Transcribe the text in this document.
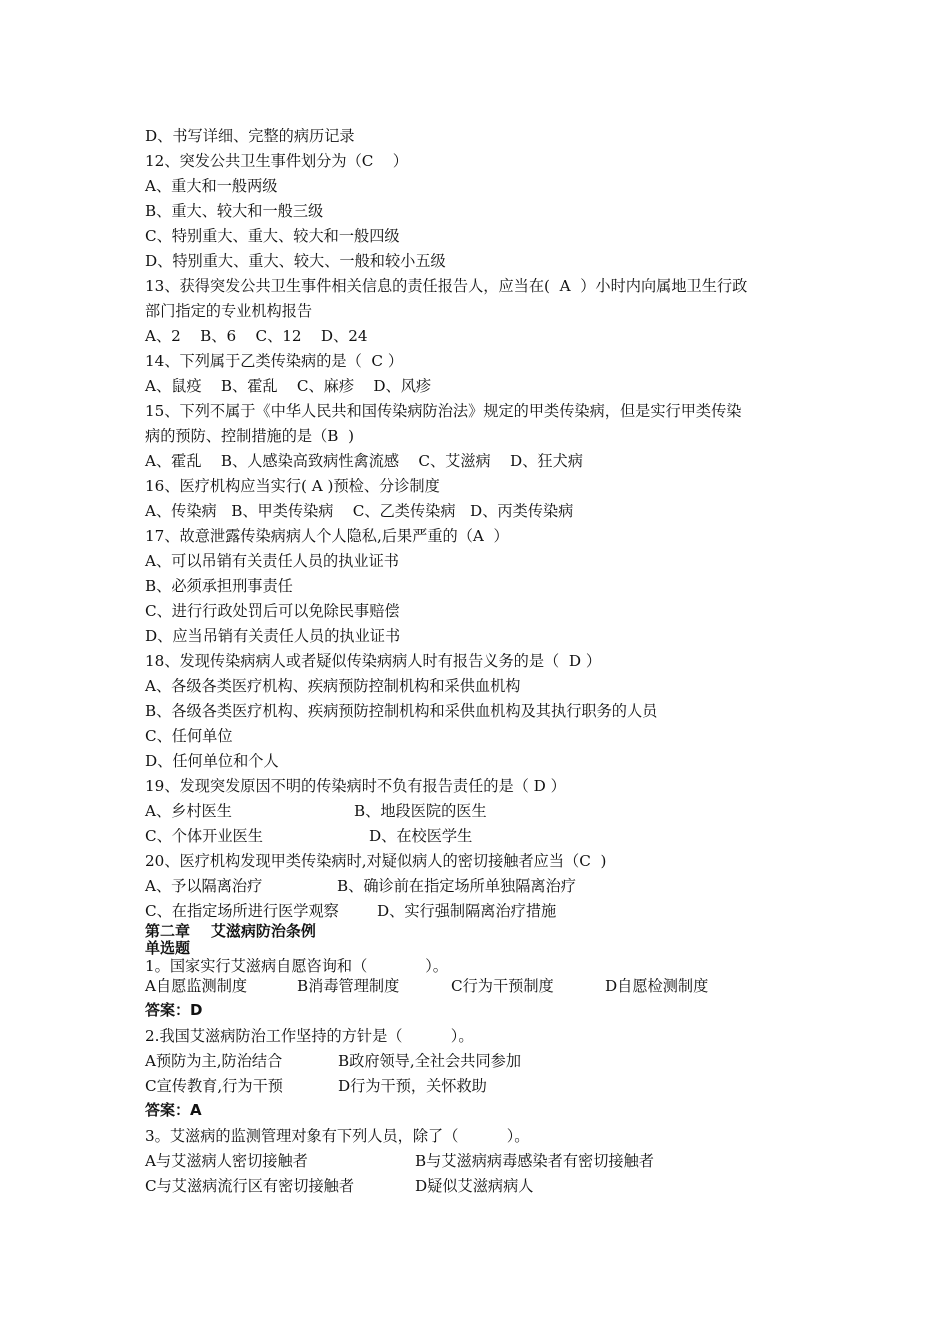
D、书写详细、完整的病历记录
12、突发公共卫生事件划分为（C    ）
A、重大和一般两级
B、重大、较大和一般三级
C、特别重大、重大、较大和一般四级
D、特别重大、重大、较大、一般和较小五级
13、获得突发公共卫生事件相关信息的责任报告人，应当在(  A  ）小时内向属地卫生行政
部门指定的专业机构报告
A、2    B、6    C、12    D、24
14、下列属于乙类传染病的是（  C ）
A、鼠疫    B、霍乱    C、麻疹    D、风疹
15、下列不属于《中华人民共和国传染病防治法》规定的甲类传染病，但是实行甲类传染
病的预防、控制措施的是（B  )
A、霍乱    B、人感染高致病性禽流感    C、艾滋病    D、狂犬病
16、医疗机构应当实行( A )预检、分诊制度
A、传染病   B、甲类传染病    C、乙类传染病   D、丙类传染病
17、故意泄露传染病病人个人隐私,后果严重的（A  ）
A、可以吊销有关责任人员的执业证书
B、必须承担刑事责任
C、进行行政处罚后可以免除民事赔偿
D、应当吊销有关责任人员的执业证书
18、发现传染病病人或者疑似传染病病人时有报告义务的是（  D ）
A、各级各类医疗机构、疾病预防控制机构和采供血机构
B、各级各类医疗机构、疾病预防控制机构和采供血机构及其执行职务的人员
C、任何单位
D、任何单位和个人
19、发现突发原因不明的传染病时不负有报告责任的是（ D ）

A、乡村医生

	B、地段医院的医生

C、个体开业医生

	D、在校医学生

20、医疗机构发现甲类传染病时,对疑似病人的密切接触者应当（C  )

A、予以隔离治疗

	B、确诊前在指定场所单独隔离治疗

C、在指定场所进行医学观察

	D、实行强制隔离治疗措施

第二章    艾滋病防治条例
单选题
1。国家实行艾滋病自愿咨询和（            ）。

A自愿监测制度

	B消毒管理制度

	C行为干预制度

	D自愿检测制度

答案：D
2.我国艾滋病防治工作坚持的方针是（          ）。

A预防为主,防治结合

	B政府领导,全社会共同参加

C宣传教育,行为干预

	D行为干预，关怀救助

答案：A
3。艾滋病的监测管理对象有下列人员，除了（          ）。

A与艾滋病人密切接触者

	B与艾滋病病毒感染者有密切接触者

C与艾滋病流行区有密切接触者

	D疑似艾滋病病人
